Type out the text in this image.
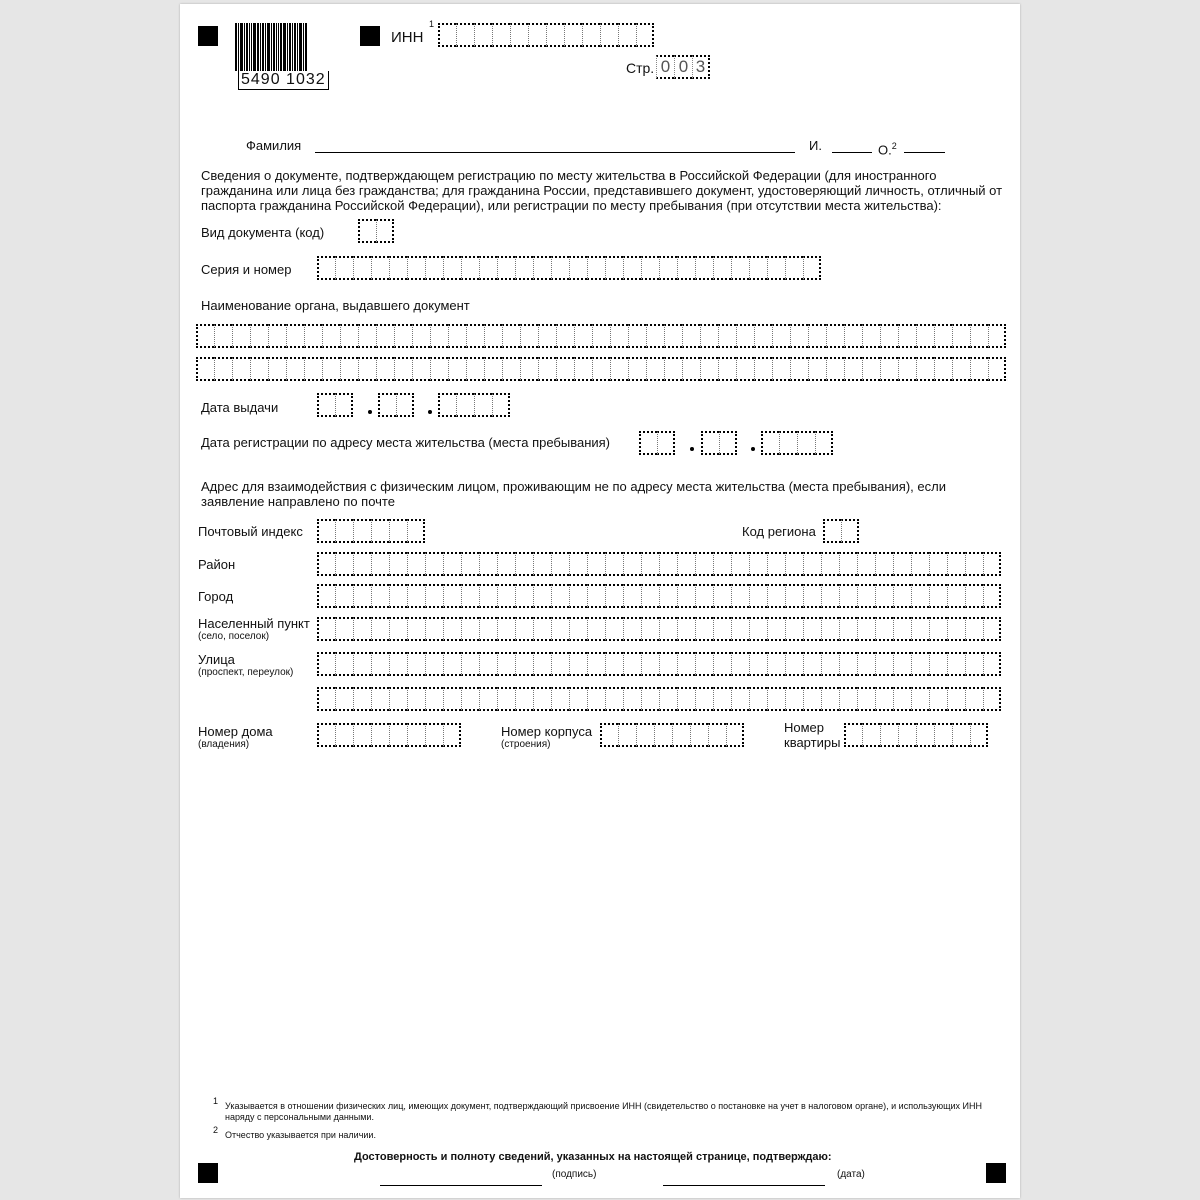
5490 1032
ИНН
1
Стр. 0 0 3
Фамилия	И.	О.$^2$
Сведения о документе, подтверждающем регистрацию по месту жительства в Российской Федерации (для иностранного гражданина или лица без гражданства; для гражданина России, представившего документ, удостоверяющий личность, отличный от паспорта гражданина Российской Федерации), или регистрации по месту пребывания (при отсутствии места жительства):
Вид документа (код)
Серия и номер
Наименование органа, выдавшего документ
Дата выдачи
Дата регистрации по адресу места жительства (места пребывания)
Адрес для взаимодействия с физическим лицом, проживающим не по адресу места жительства (места пребывания), если заявление направлено по почте
Почтовый индекс	Код региона
Район
Город
Населенный пункт
(село, поселок)
Улица
(проспект, переулок)
Номер дома
(владения)
Номер корпуса
(строения)
Номер
квартиры
1 Указывается в отношении физических лиц, имеющих документ, подтверждающий присвоение ИНН (свидетельство о постановке на учет в налоговом органе), и использующих ИНН наряду с персональными данными.
2 Отчество указывается при наличии.
Достоверность и полноту сведений, указанных на настоящей странице, подтверждаю:
(подпись)	(дата)
